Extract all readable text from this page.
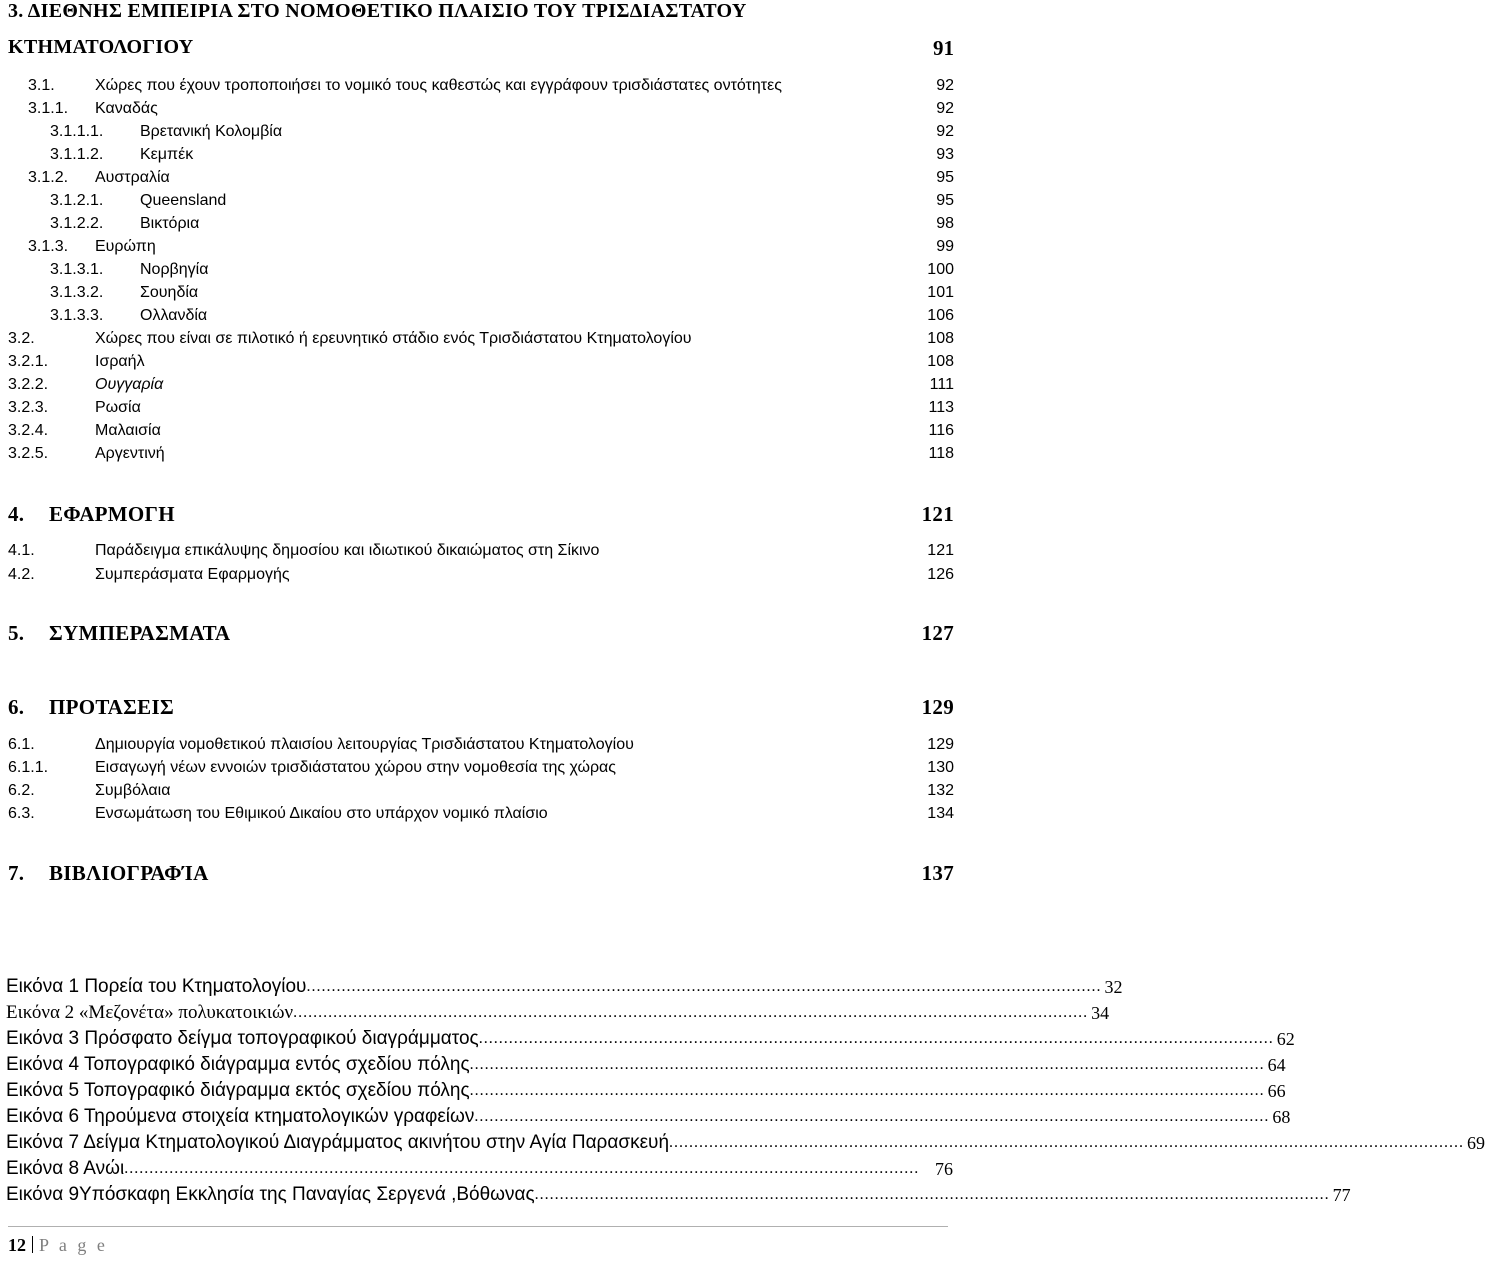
3. ΔΙΕΘΝΗΣ ΕΜΠΕΙΡΙΑ ΣΤΟ ΝΟΜΟΘΕΤΙΚΟ ΠΛΑΙΣΙΟ ΤΟΥ ΤΡΙΣΔΙΑΣΤΑΤΟΥ
ΚΤΗΜΑΤΟΛΟΓΙΟΥ	91
3.1.	Χώρες που έχουν τροποποιήσει το νομικό τους καθεστώς και εγγράφουν τρισδιάστατες οντότητες	92
3.1.1. Καναδάς	92
3.1.1.1. Βρετανική Κολομβία	92
3.1.1.2. Κεμπέκ	93
3.1.2. Αυστραλία	95
3.1.2.1. Queensland	95
3.1.2.2. Βικτόρια	98
3.1.3. Ευρώπη	99
3.1.3.1. Νορβηγία	100
3.1.3.2. Σουηδία	101
3.1.3.3. Ολλανδία	106
3.2.	Χώρες που είναι σε πιλοτικό ή ερευνητικό στάδιο ενός Τρισδιάστατου Κτηματολογίου	108
3.2.1.	Ισραήλ	108
3.2.2.	Ουγγαρία	111
3.2.3.	Ρωσία	113
3.2.4.	Μαλαισία	116
3.2.5.	Αργεντινή	118
4. ΕΦΑΡΜΟΓΗ	121
4.1.	Παράδειγμα επικάλυψης δημοσίου και ιδιωτικού δικαιώματος στη Σίκινο	121
4.2.	Συμπεράσματα Εφαρμογής	126
5. ΣΥΜΠΕΡΑΣΜΑΤΑ	127
6. ΠΡΟΤΑΣΕΙΣ	129
6.1.	Δημιουργία νομοθετικού πλαισίου λειτουργίας Τρισδιάστατου Κτηματολογίου	129
6.1.1.	Εισαγωγή νέων εννοιών τρισδιάστατου χώρου στην νομοθεσία της χώρας	130
6.2.	Συμβόλαια	132
6.3.	Ενσωμάτωση του Εθιμικού Δικαίου στο υπάρχον νομικό πλαίσιο	134
7. ΒΙΒΛΙΟΓΡΑΦΊΑ	137
Εικόνα 1 Πορεία του Κτηματολογίου ............................................................................................................................................................... 32
Εικόνα 2 «Μεζονέτα» πολυκατοικιών ............................................................................................................................................................... 34
Εικόνα 3 Πρόσφατο δείγμα τοπογραφικού διαγράμματος ............................................................................................................................................................... 62
Εικόνα 4 Τοπογραφικό διάγραμμα εντός σχεδίου πόλης ............................................................................................................................................................... 64
Εικόνα 5 Τοπογραφικό διάγραμμα εκτός σχεδίου πόλης ............................................................................................................................................................... 66
Εικόνα 6 Τηρούμενα στοιχεία κτηματολογικών γραφείων ............................................................................................................................................................... 68
Εικόνα 7 Δείγμα Κτηματολογικού Διαγράμματος ακινήτου στην Αγία Παρασκευή ............................................................................................................................................................... 69
Εικόνα 8 Ανώι ............................................................................................................................................................... 76
Εικόνα 9Υπόσκαφη Εκκλησία της Παναγίας Σεργενά ,Βόθωνας ............................................................................................................................................................... 77
12 P a g e
